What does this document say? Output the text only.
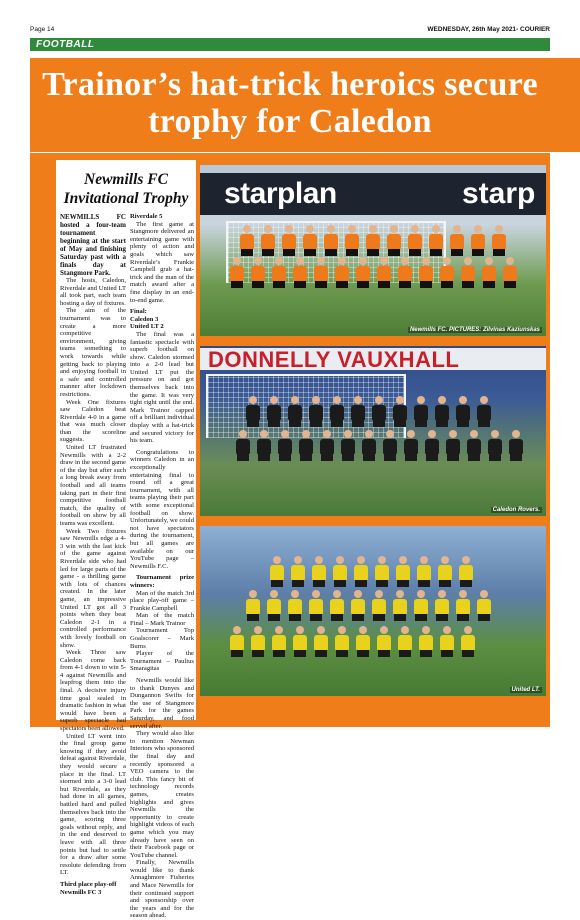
Page 14	WEDNESDAY, 26th May 2021- COURIER
FOOTBALL
Trainor’s hat-trick heroics secure trophy for Caledon
Newmills FC Invitational Trophy

NEWMILLS FC hosted a four-team tournament beginning at the start of May and finishing Saturday past with a finals day at Stangmore Park.

The hosts, Caledon, Riverdale and United LT all took part, each team hosting a day of fixtures.

The aim of the tournament was to create a more competitive environment, giving teams something to work towards while getting back to playing and enjoying football in a safe and controlled manner after lockdown restrictions.

Week One fixtures saw Caledon beat Riverdale 4-0 in a game that was much closer than the scoreline suggests.

United LT frustrated Newmills with a 2-2 draw in the second game of the day but after such a long break away from football and all teams taking part in their first competitive football match, the quality of football on show by all teams was excellent.

Week Two fixtures saw Newmills edge a 4-3 win with the last kick of the game against Riverdale side who had led for large parts of the game - a thrilling game with lots of chances created. In the later game, an impressive United LT got all 3 points when they beat Caledon 2-1 in a controlled performance with lovely football on show.

Week Three saw Caledon come back from 4-1 down to win 5-4 against Newmills and leapfrog them into the final. A decisive injury time goal sealed in dramatic fashion in what would have been a superb spectacle had spectators been allowed.

United LT went into the final group game knowing if they avoid defeat against Riverdale, they would secure a place in the final. LT stormed into a 3-0 lead but Riverdale, as they had done in all games, battled hard and pulled themselves back into the game, scoring three goals without reply, and in the end deserved to leave with all three points but had to settle for a draw after some resolute defending from LT.

Third place play-off

Newmills FC 3

Riverdale 5

The first game at Stangmore delivered an entertaining game with plenty of action and goals which saw Riverdale’s Frankie Campbell grab a hat-trick and the man of the match award after a fine display in an end-to-end game.

Final:

Caledon 3

United LT 2

The final was a fantastic spectacle with superb football on show. Caledon stormed into a 2-0 lead but United LT put the pressure on and got themselves back into the game. It was very tight right until the end. Mark Trainor capped off a brilliant individual display with a hat-trick and secured victory for his team.

Congratulations to winners Caledon in an exceptionally entertaining final to round off a great tournament, with all teams playing their part with some exceptional football on show. Unfortunately, we could not have spectators during the tournament, but all games are available on our YouTube page – Newmills F.C.

Tournament prize winners:

Man of the match 3rd place play-off game – Frankie Campbell

Man of the match Final – Mark Trainor

Tournament Top Goalscorer – Mark Burns

Player of the Tournament – Paulius Smaragitas

Newmills would like to thank Dunyes and Dungannon Swifts for the use of Stangmore Park for the games Saturday, and food served after.

They would also like to mention Newman Interiors who sponsored the final day and recently sponsored a VEO camera to the club. This fancy bit of technology records games, creates highlights and gives Newmills the opportunity to create highlight videos of each game which you may already have seen on their Facebook page or YouTube channel.

Finally, Newmills would like to thank Annaghmore Fisheries and Mace Newmills for their continued support and sponsorship over the years and for the season ahead.

starplan	starp
Newmills FC. PICTURES: Zilvinas Kaziunskas
DONNELLY VAUXHALL
Caledon Rovers.
United LT.
